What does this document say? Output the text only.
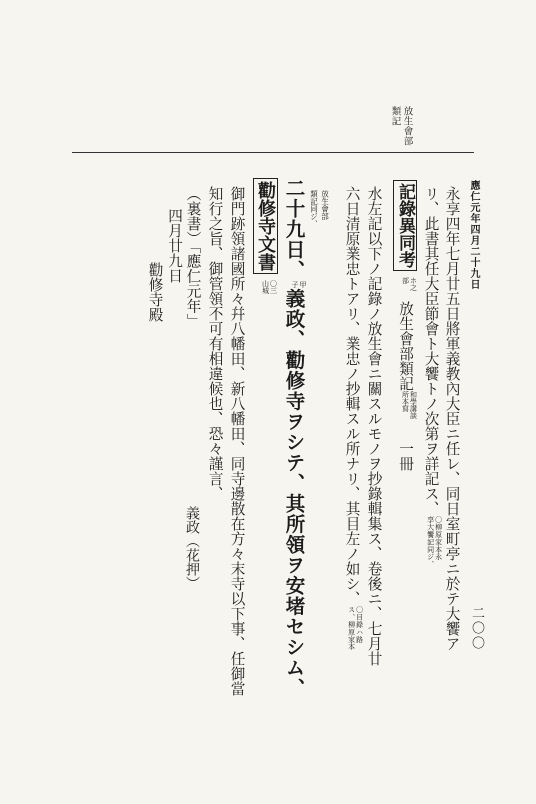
放生會部
類記
應仁元年四月二十九日
二〇〇
永享四年七月廿五日將軍義教內大臣ニ任レ、同日室町亭ニ於テ大饗ア

リ、此書其任大臣節會ト大饗トノ次第ヲ詳記ス、〇柳原家本永
享大饗記同ジ、
記錄異同考ホ之
部放生會部類記和學講談
所本寫一冊
水左記以下ノ記錄ノ放生會ニ關スルモノヲ抄錄輯集ス、卷後ニ、七月廿
六日清原業忠トアリ、業忠ノ抄輯スル所ナリ、其目左ノ如シ、〇目錄ハ路
ス、柳原家本
放生會部
類記同ジ、
二十九日、甲
子義政、勸修寺ヲシテ、其所領ヲ安堵セシム、
勸修寺文書〇三
山城
御門跡領諸國所々幷八幡田、新八幡田、同寺邊散在方々末寺以下事、任御當
知行之旨、御管領不可有相違候也、恐々謹言、
（裏書）「應仁元年」
四月廿九日
勸修寺殿
義政（花押）
